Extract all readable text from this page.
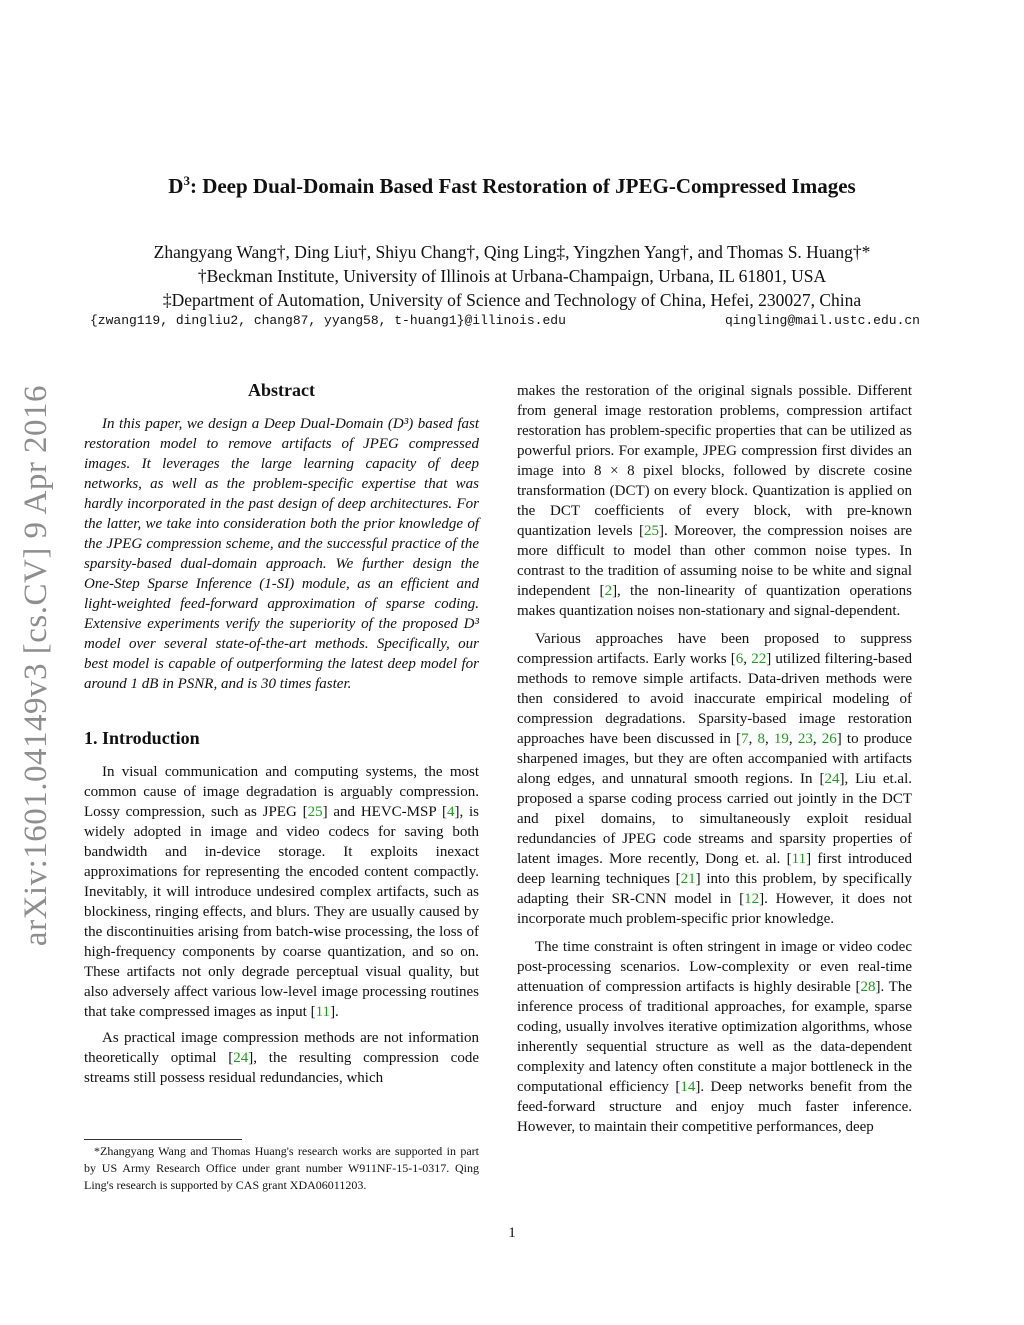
arXiv:1601.04149v3 [cs.CV] 9 Apr 2016
$D^3$: Deep Dual-Domain Based Fast Restoration of JPEG-Compressed Images
Zhangyang Wang†, Ding Liu†, Shiyu Chang†, Qing Ling‡, Yingzhen Yang†, and Thomas S. Huang†*
†Beckman Institute, University of Illinois at Urbana-Champaign, Urbana, IL 61801, USA
‡Department of Automation, University of Science and Technology of China, Hefei, 230027, China
{zwang119, dingliu2, chang87, yyang58, t-huang1}@illinois.edu	qingling@mail.ustc.edu.cn
Abstract

In this paper, we design a Deep Dual-Domain (D³) based fast restoration model to remove artifacts of JPEG compressed images. It leverages the large learning capacity of deep networks, as well as the problem-specific expertise that was hardly incorporated in the past design of deep architectures. For the latter, we take into consideration both the prior knowledge of the JPEG compression scheme, and the successful practice of the sparsity-based dual-domain approach. We further design the One-Step Sparse Inference (1-SI) module, as an efficient and light-weighted feed-forward approximation of sparse coding. Extensive experiments verify the superiority of the proposed D³ model over several state-of-the-art methods. Specifically, our best model is capable of outperforming the latest deep model for around 1 dB in PSNR, and is 30 times faster.

1. Introduction

In visual communication and computing systems, the most common cause of image degradation is arguably compression. Lossy compression, such as JPEG [25] and HEVC-MSP [4], is widely adopted in image and video codecs for saving both bandwidth and in-device storage. It exploits inexact approximations for representing the encoded content compactly. Inevitably, it will introduce undesired complex artifacts, such as blockiness, ringing effects, and blurs. They are usually caused by the discontinuities arising from batch-wise processing, the loss of high-frequency components by coarse quantization, and so on. These artifacts not only degrade perceptual visual quality, but also adversely affect various low-level image processing routines that take compressed images as input [11].

As practical image compression methods are not information theoretically optimal [24], the resulting compression code streams still possess residual redundancies, which

*Zhangyang Wang and Thomas Huang's research works are supported in part by US Army Research Office under grant number W911NF-15-1-0317. Qing Ling's research is supported by CAS grant XDA06011203.

makes the restoration of the original signals possible. Different from general image restoration problems, compression artifact restoration has problem-specific properties that can be utilized as powerful priors. For example, JPEG compression first divides an image into 8 × 8 pixel blocks, followed by discrete cosine transformation (DCT) on every block. Quantization is applied on the DCT coefficients of every block, with pre-known quantization levels [25]. Moreover, the compression noises are more difficult to model than other common noise types. In contrast to the tradition of assuming noise to be white and signal independent [2], the non-linearity of quantization operations makes quantization noises non-stationary and signal-dependent.

Various approaches have been proposed to suppress compression artifacts. Early works [6, 22] utilized filtering-based methods to remove simple artifacts. Data-driven methods were then considered to avoid inaccurate empirical modeling of compression degradations. Sparsity-based image restoration approaches have been discussed in [7, 8, 19, 23, 26] to produce sharpened images, but they are often accompanied with artifacts along edges, and unnatural smooth regions. In [24], Liu et.al. proposed a sparse coding process carried out jointly in the DCT and pixel domains, to simultaneously exploit residual redundancies of JPEG code streams and sparsity properties of latent images. More recently, Dong et. al. [11] first introduced deep learning techniques [21] into this problem, by specifically adapting their SR-CNN model in [12]. However, it does not incorporate much problem-specific prior knowledge.

The time constraint is often stringent in image or video codec post-processing scenarios. Low-complexity or even real-time attenuation of compression artifacts is highly desirable [28]. The inference process of traditional approaches, for example, sparse coding, usually involves iterative optimization algorithms, whose inherently sequential structure as well as the data-dependent complexity and latency often constitute a major bottleneck in the computational efficiency [14]. Deep networks benefit from the feed-forward structure and enjoy much faster inference. However, to maintain their competitive performances, deep

1
